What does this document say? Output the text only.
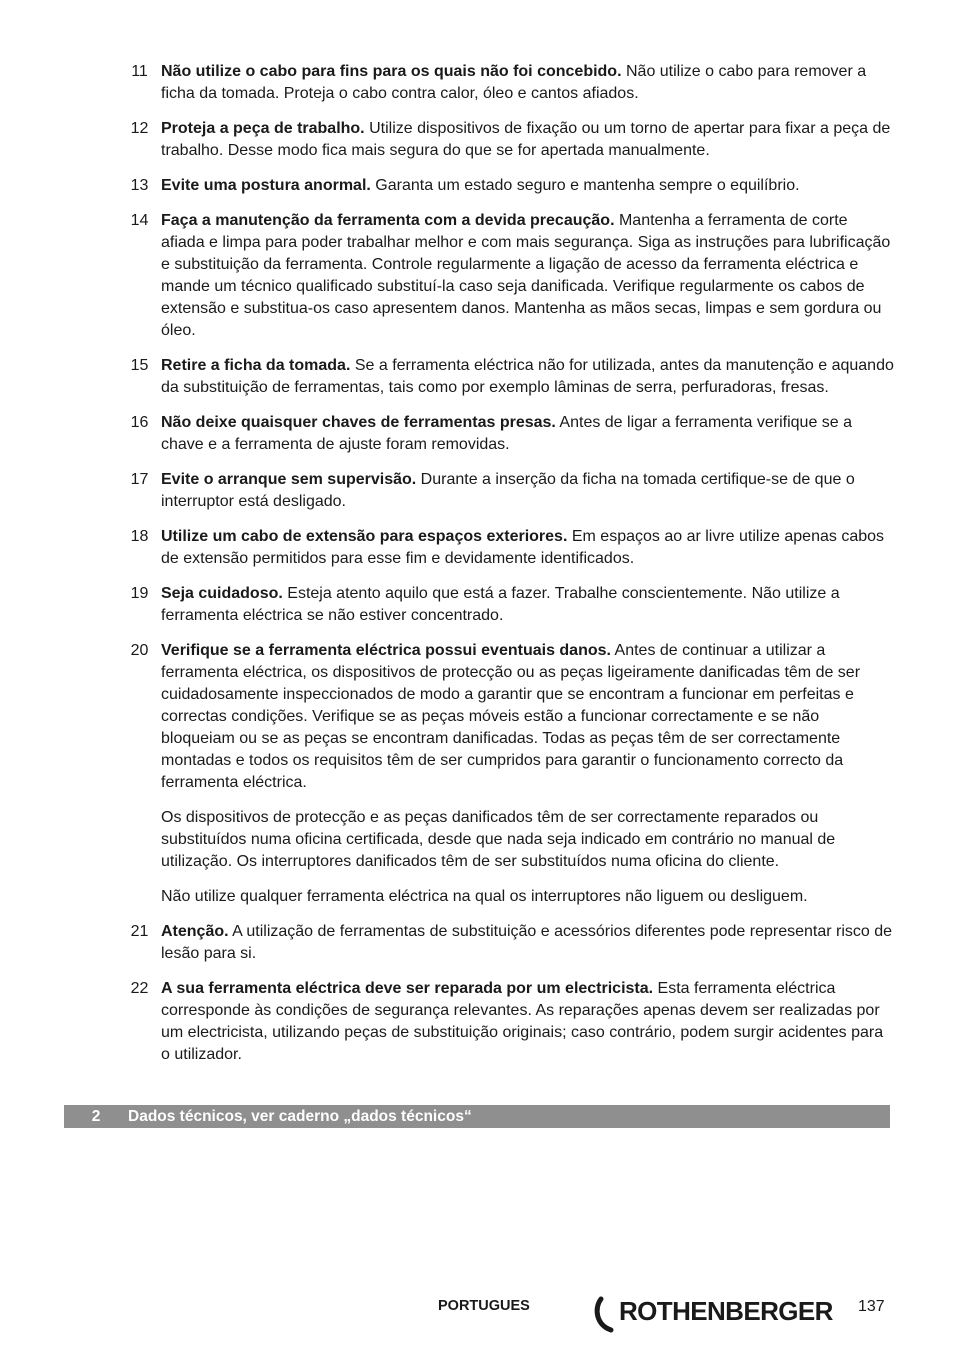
11 Não utilize o cabo para fins para os quais não foi concebido. Não utilize o cabo para remover a ficha da tomada. Proteja o cabo contra calor, óleo e cantos afiados.

12 Proteja a peça de trabalho. Utilize dispositivos de fixação ou um torno de apertar para fixar a peça de trabalho. Desse modo fica mais segura do que se for apertada manualmente.

13 Evite uma postura anormal. Garanta um estado seguro e mantenha sempre o equilíbrio.

14 Faça a manutenção da ferramenta com a devida precaução. Mantenha a ferramenta de corte afiada e limpa para poder trabalhar melhor e com mais segurança. Siga as instruções para lubrificação e substituição da ferramenta. Controle regularmente a ligação de acesso da ferramenta eléctrica e mande um técnico qualificado substituí-la caso seja danificada. Verifique regularmente os cabos de extensão e substitua-os caso apresentem danos. Mantenha as mãos secas, limpas e sem gordura ou óleo.

15 Retire a ficha da tomada. Se a ferramenta eléctrica não for utilizada, antes da manutenção e aquando da substituição de ferramentas, tais como por exemplo lâminas de serra, perfuradoras, fresas.

16 Não deixe quaisquer chaves de ferramentas presas. Antes de ligar a ferramenta verifique se a chave e a ferramenta de ajuste foram removidas.

17 Evite o arranque sem supervisão. Durante a inserção da ficha na tomada certifique-se de que o interruptor está desligado.

18 Utilize um cabo de extensão para espaços exteriores. Em espaços ao ar livre utilize apenas cabos de extensão permitidos para esse fim e devidamente identificados.

19 Seja cuidadoso. Esteja atento aquilo que está a fazer. Trabalhe conscientemente. Não utilize a ferramenta eléctrica se não estiver concentrado.

20 Verifique se a ferramenta eléctrica possui eventuais danos. Antes de continuar a utilizar a ferramenta eléctrica, os dispositivos de protecção ou as peças ligeiramente danificadas têm de ser cuidadosamente inspeccionados de modo a garantir que se encontram a funcionar em perfeitas e correctas condições. Verifique se as peças móveis estão a funcionar correctamente e se não bloqueiam ou se as peças se encontram danificadas. Todas as peças têm de ser correctamente montadas e todos os requisitos têm de ser cumpridos para garantir o funcionamento correcto da ferramenta eléctrica.

Os dispositivos de protecção e as peças danificados têm de ser correctamente reparados ou substituídos numa oficina certificada, desde que nada seja indicado em contrário no manual de utilização. Os interruptores danificados têm de ser substituídos numa oficina do cliente.

Não utilize qualquer ferramenta eléctrica na qual os interruptores não liguem ou desliguem.

21 Atenção. A utilização de ferramentas de substituição e acessórios diferentes pode representar risco de lesão para si.

22 A sua ferramenta eléctrica deve ser reparada por um electricista. Esta ferramenta eléctrica corresponde às condições de segurança relevantes. As reparações apenas devem ser realizadas por um electricista, utilizando peças de substituição originais; caso contrário, podem surgir acidentes para o utilizador.

2	Dados técnicos, ver caderno „dados técnicos“
PORTUGUES	ROTHENBERGER 137
